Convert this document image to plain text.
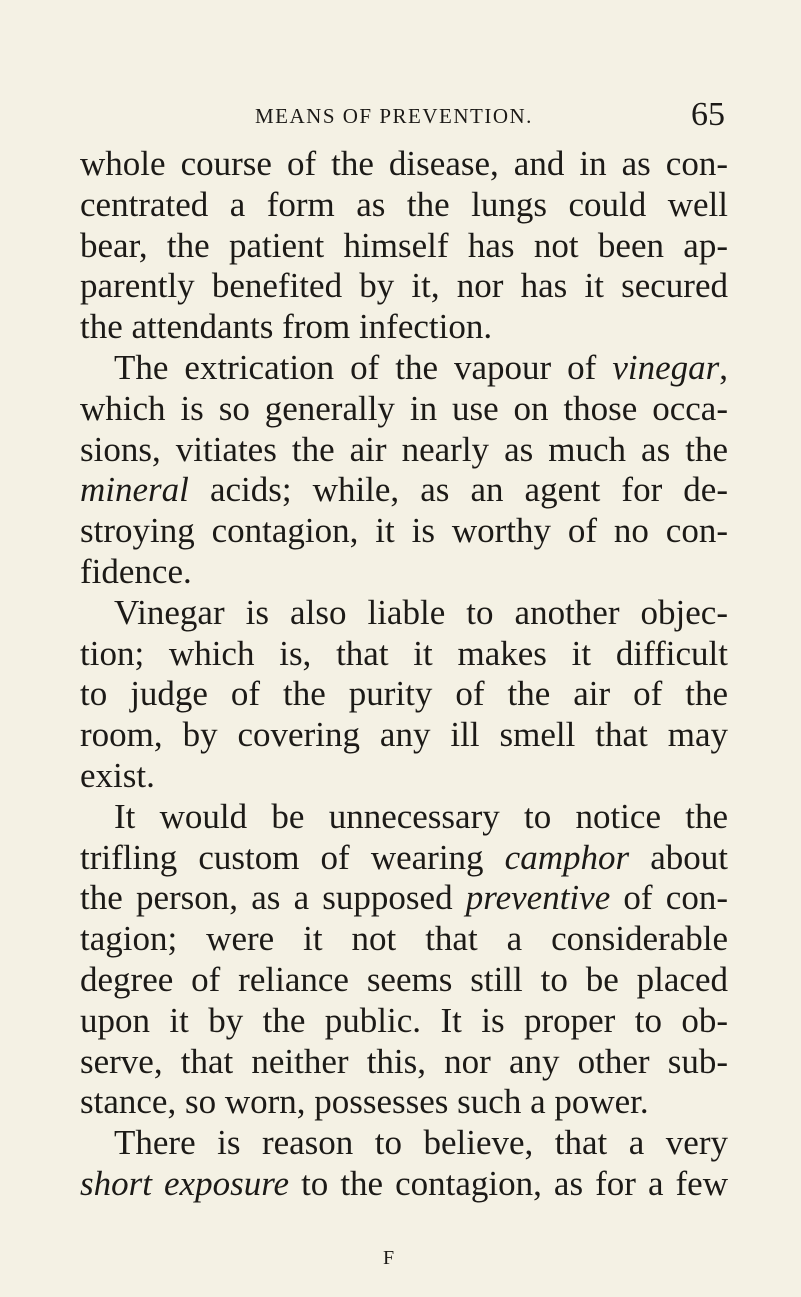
MEANS OF PREVENTION.	65
whole course of the disease, and in as con-
centrated a form as the lungs could well
bear, the patient himself has not been ap-
parently benefited by it, nor has it secured
the attendants from infection.
The extrication of the vapour of vinegar,
which is so generally in use on those occa-
sions, vitiates the air nearly as much as the
mineral acids; while, as an agent for de-
stroying contagion, it is worthy of no con-
fidence.
Vinegar is also liable to another objec-
tion; which is, that it makes it difficult
to judge of the purity of the air of the
room, by covering any ill smell that may
exist.
It would be unnecessary to notice the
trifling custom of wearing camphor about
the person, as a supposed preventive of con-
tagion; were it not that a considerable
degree of reliance seems still to be placed
upon it by the public. It is proper to ob-
serve, that neither this, nor any other sub-
stance, so worn, possesses such a power.
There is reason to believe, that a very
short exposure to the contagion, as for a few
F
